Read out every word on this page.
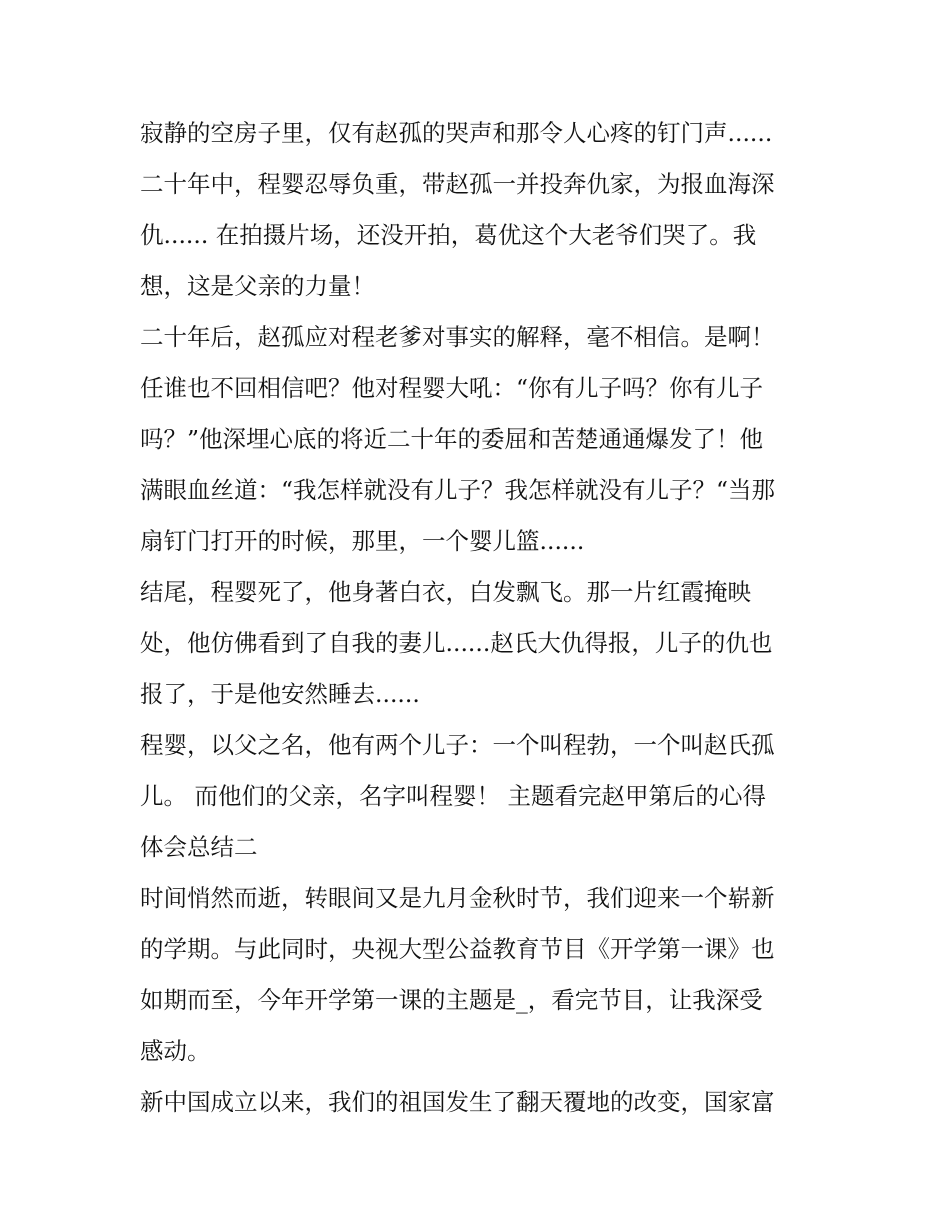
寂静的空房子里，仅有赵孤的哭声和那令人心疼的钉门声......
二十年中，程婴忍辱负重，带赵孤一并投奔仇家，为报血海深
仇...... 在拍摄片场，还没开拍，葛优这个大老爷们哭了。我
想，这是父亲的力量！
二十年后，赵孤应对程老爹对事实的解释，毫不相信。是啊！
任谁也不回相信吧？他对程婴大吼：“你有儿子吗？你有儿子
吗？”他深埋心底的将近二十年的委屈和苦楚通通爆发了！他
满眼血丝道：“我怎样就没有儿子？我怎样就没有儿子？“当那
扇钉门打开的时候，那里，一个婴儿篮......
结尾，程婴死了，他身著白衣，白发飘飞。那一片红霞掩映
处，他仿佛看到了自我的妻儿......赵氏大仇得报，儿子的仇也
报了，于是他安然睡去......
程婴，以父之名，他有两个儿子：一个叫程勃，一个叫赵氏孤
儿。 而他们的父亲，名字叫程婴！ 主题看完赵甲第后的心得
体会总结二
时间悄然而逝，转眼间又是九月金秋时节，我们迎来一个崭新
的学期。与此同时，央视大型公益教育节目《开学第一课》也
如期而至，今年开学第一课的主题是_，看完节目，让我深受
感动。
新中国成立以来，我们的祖国发生了翻天覆地的改变，国家富
